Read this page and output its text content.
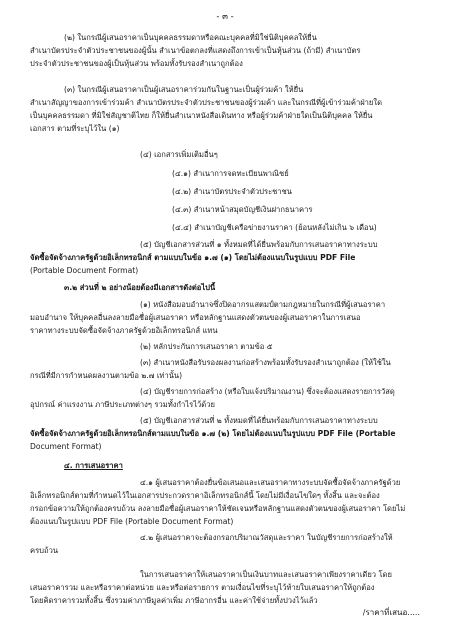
- ๓ -
(๒) ในกรณีผู้เสนอราคาเป็นบุคคลธรรมดาหรือคณะบุคคลที่มิใช่นิติบุคคลให้ยื่น
สำเนาบัตรประจำตัวประชาชนของผู้นั้น สำเนาข้อตกลงที่แสดงถึงการเข้าเป็นหุ้นส่วน (ถ้ามี) สำเนาบัตร
ประจำตัวประชาชนของผู้เป็นหุ้นส่วน พร้อมทั้งรับรองสำเนาถูกต้อง
(๓) ในกรณีผู้เสนอราคาเป็นผู้เสนอราคาร่วมกันในฐานะเป็นผู้ร่วมค้า ให้ยื่น
สำเนาสัญญาของการเข้าร่วมค้า สำเนาบัตรประจำตัวประชาชนของผู้ร่วมค้า และในกรณีที่ผู้เข้าร่วมค้าฝ่ายใด
เป็นบุคคลธรรมดา ที่มิใช่สัญชาติไทย ก็ให้ยื่นสำเนาหนังสือเดินทาง หรือผู้ร่วมค้าฝ่ายใดเป็นนิติบุคคล ให้ยื่น
เอกสาร ตามที่ระบุไว้ใน (๑)
(๔) เอกสารเพิ่มเติมอื่นๆ
(๔.๑) สำเนาการจดทะเบียนพาณิชย์
(๔.๒) สำเนาบัตรประจำตัวประชาชน
(๔.๓) สำเนาหน้าสมุดบัญชีเงินฝากธนาคาร
(๔.๔) สำเนาบัญชีเครือข่ายงานราคา (ย้อนหลังไม่เกิน ๖ เดือน)
(๕) บัญชีเอกสารส่วนที่ ๑ ทั้งหมดที่ได้ยื่นพร้อมกับการเสนอราคาทางระบบ
จัดซื้อจัดจ้างภาครัฐด้วยอิเล็กทรอนิกส์ ตามแบบในข้อ ๑.๗ (๑) โดยไม่ต้องแนบในรูปแบบ PDF File
(Portable Document Format)
๓.๒ ส่วนที่ ๒ อย่างน้อยต้องมีเอกสารดังต่อไปนี้
(๑) หนังสือมอบอำนาจซึ่งปิดอากรแสตมป์ตามกฎหมายในกรณีที่ผู้เสนอราคา
มอบอำนาจ ให้บุคคลอื่นลงลายมือชื่อผู้เสนอราคา หรือหลักฐานแสดงตัวตนของผู้เสนอราคาในการเสนอ
ราคาทางระบบจัดซื้อจัดจ้างภาครัฐด้วยอิเล็กทรอนิกส์ แทน
(๒) หลักประกันการเสนอราคา ตามข้อ ๕
(๓) สำเนาหนังสือรับรองผลงานก่อสร้างพร้อมทั้งรับรองสำเนาถูกต้อง (ให้ใช้ใน
กรณีที่มีการกำหนดผลงานตามข้อ ๒.๗ เท่านั้น)
(๔) บัญชีรายการก่อสร้าง (หรือใบแจ้งปริมาณงาน) ซึ่งจะต้องแสดงรายการวัสดุ
อุปกรณ์ ค่าแรงงาน ภาษีประเภทต่างๆ รวมทั้งกำไรไว้ด้วย
(๕) บัญชีเอกสารส่วนที่ ๒ ทั้งหมดที่ได้ยื่นพร้อมกับการเสนอราคาทางระบบ
จัดซื้อจัดจ้างภาครัฐด้วยอิเล็กทรอนิกส์ตามแบบในข้อ ๑.๗ (๒) โดยไม่ต้องแนบในรูปแบบ PDF File (Portable
Document Format)
๔. การเสนอราคา
๔.๑ ผู้เสนอราคาต้องยื่นข้อเสนอและเสนอราคาทางระบบจัดซื้อจัดจ้างภาครัฐด้วย
อิเล็กทรอนิกส์ตามที่กำหนดไว้ในเอกสารประกวดราคาอิเล็กทรอนิกส์นี้ โดยไม่มีเงื่อนไขใดๆ ทั้งสิ้น และจะต้อง
กรอกข้อความให้ถูกต้องครบถ้วน ลงลายมือชื่อผู้เสนอราคาให้ชัดเจนหรือหลักฐานแสดงตัวตนของผู้เสนอราคา โดยไม่
ต้องแนบในรูปแบบ PDF File (Portable Document Format)
๔.๒ ผู้เสนอราคาจะต้องกรอกปริมาณวัสดุและราคา ในบัญชีรายการก่อสร้างให้
ครบถ้วน
ในการเสนอราคาให้เสนอราคาเป็นเงินบาทและเสนอราคาเพียงราคาเดียว โดย
เสนอราคารวม และหรือราคาต่อหน่วย และหรือต่อรายการ ตามเงื่อนไขที่ระบุไว้ท้ายใบเสนอราคาให้ถูกต้อง
โดยคิดราคารวมทั้งสิ้น ซึ่งรวมค่าภาษีมูลค่าเพิ่ม ภาษีอากรอื่น และค่าใช้จ่ายทั้งปวงไว้แล้ว
/ราคาที่เสนอ.....
